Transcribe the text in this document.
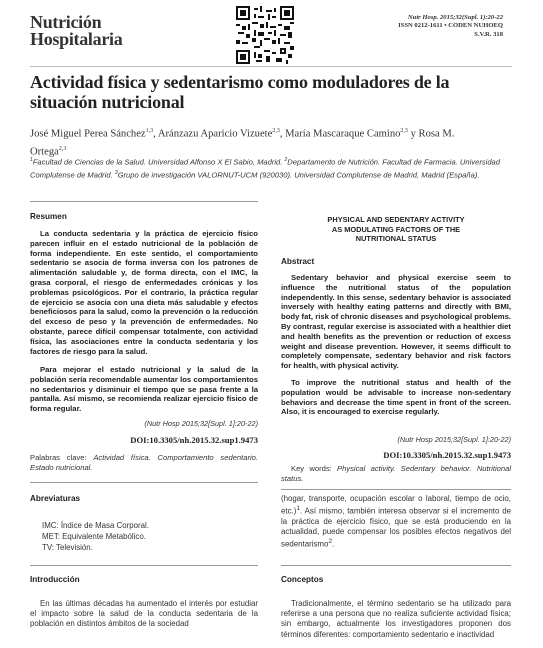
Nutrición
Hospitalaria
Nutr Hosp. 2015;32(Supl. 1):20-22
ISSN 0212-1611 • CODEN NUHOEQ
S.V.R. 318
Actividad física y sedentarismo como moduladores de la situación nutricional
José Miguel Perea Sánchez$^{1,3}$, Aránzazu Aparicio Vizuete$^{2,3}$, María Mascaraque Camino$^{2,3}$ y Rosa M. Ortega$^{2,3}$
$^1$Facultad de Ciencias de la Salud. Universidad Alfonso X El Sabio, Madrid. $^2$Departamento de Nutrición. Facultad de Farmacia. Universidad Complutense de Madrid. $^3$Grupo de investigación VALORNUT-UCM (920030). Universidad Complutense de Madrid, Madrid (España).
Resumen
La conducta sedentaria y la práctica de ejercicio físico parecen influir en el estado nutricional de la población de forma independiente. En este sentido, el comportamiento sedentario se asocia de forma inversa con los patrones de alimentación saludable y, de forma directa, con el IMC, la grasa corporal, el riesgo de enfermedades crónicas y los problemas psicológicos. Por el contrario, la práctica regular de ejercicio se asocia con una dieta más saludable y efectos beneficiosos para la salud, como la prevención o la reducción del exceso de peso y la prevención de enfermedades. No obstante, parece difícil compensar totalmente, con actividad física, las asociaciones entre la conducta sedentaria y los factores de riesgo para la salud.
Para mejorar el estado nutricional y la salud de la población sería recomendable aumentar los comportamientos no sedentarios y disminuir el tiempo que se pasa frente a la pantalla. Así mismo, se recomienda realizar ejercicio físico de forma regular.
(Nutr Hosp 2015;32[Supl. 1]:20-22)
DOI:10.3305/nh.2015.32.sup1.9473
Palabras clave: Actividad física. Comportamiento sedentario. Estado nutricional.
Abreviaturas
IMC: Índice de Masa Corporal.
MET: Equivalente Metabólico.
TV: Televisión.
Introducción
En las últimas décadas ha aumentado el interés por estudiar el impacto sobre la salud de la conducta sedentaria de la población en distintos ámbitos de la sociedad
PHYSICAL AND SEDENTARY ACTIVITY
AS MODULATING FACTORS OF THE
NUTRITIONAL STATUS
Abstract
Sedentary behavior and physical exercise seem to influence the nutritional status of the population independently. In this sense, sedentary behavior is associated inversely with healthy eating patterns and directly with BMI, body fat, risk of chronic diseases and psychological problems. By contrast, regular exercise is associated with a healthier diet and health benefits as the prevention or reduction of excess weight and disease prevention. However, it seems difficult to completely compensate, sedentary behavior and risk factors for health, with physical activity.
To improve the nutritional status and health of the population would be advisable to increase non-sedentary behaviors and decrease the time spent in front of the screen. Also, it is encouraged to exercise regularly.
(Nutr Hosp 2015;32[Supl. 1]:20-22)
DOI:10.3305/nh.2015.32.sup1.9473
Key words: Physical activity. Sedentary behavior. Nutritional status.
(hogar, transporte, ocupación escolar o laboral, tiempo de ocio, etc.)$^1$. Así mismo, también interesa observar si el incremento de la práctica de ejercicio físico, que se está produciendo en la actualidad, puede compensar los posibles efectos negativos del sedentarismo$^2$.
Conceptos
Tradicionalmente, el término sedentario se ha utilizado para referirse a una persona que no realiza suficiente actividad física; sin embargo, actualmente los investigadores proponen dos términos diferentes: comportamiento sedentario e inactividad
